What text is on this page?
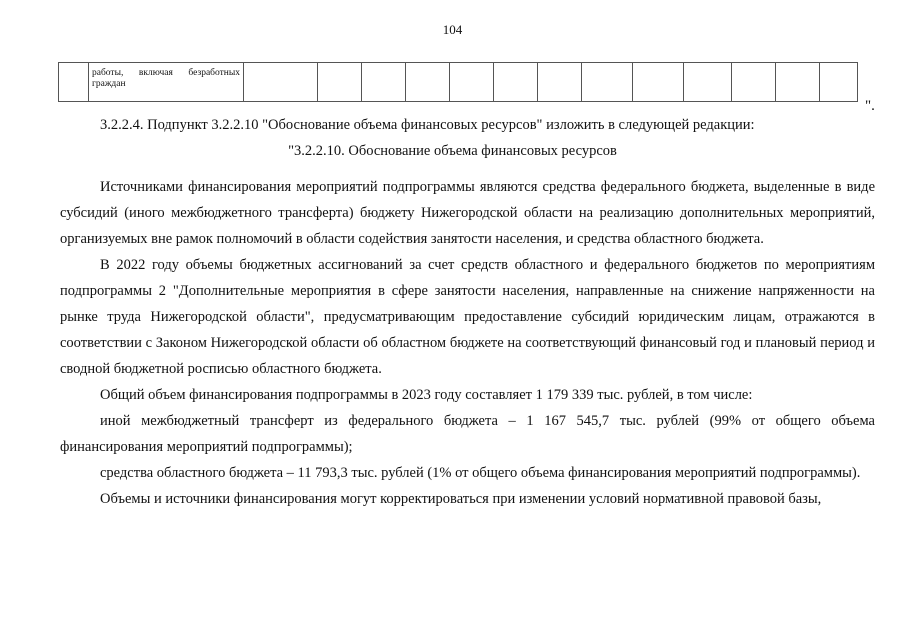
104
	работы, включая безработных
граждан

".

3.2.2.4. Подпункт 3.2.2.10 "Обоснование объема финансовых ресурсов" изложить в следующей редакции:

"3.2.2.10. Обоснование объема финансовых ресурсов

Источниками финансирования мероприятий подпрограммы являются средства федерального бюджета, выделенные в виде субсидий (иного межбюджетного трансферта) бюджету Нижегородской области на реализацию дополнительных мероприятий, организуемых вне рамок полномочий в области содействия занятости населения, и средства областного бюджета.

В 2022 году объемы бюджетных ассигнований за счет средств областного и федерального бюджетов по мероприятиям подпрограммы 2 "Дополнительные мероприятия в сфере занятости населения, направленные на снижение напряженности на рынке труда Нижегородской области", предусматривающим предоставление субсидий юридическим лицам, отражаются в соответствии с Законом Нижегородской области об областном бюджете на соответствующий финансовый год и плановый период и сводной бюджетной росписью областного бюджета.

Общий объем финансирования подпрограммы в 2023 году составляет 1 179 339 тыс. рублей, в том числе:

иной межбюджетный трансферт из федерального бюджета – 1 167 545,7 тыс. рублей (99% от общего объема финансирования мероприятий подпрограммы);

средства областного бюджета – 11 793,3 тыс. рублей (1% от общего объема финансирования мероприятий подпрограммы).

Объемы и источники финансирования могут корректироваться при изменении условий нормативной правовой базы,
